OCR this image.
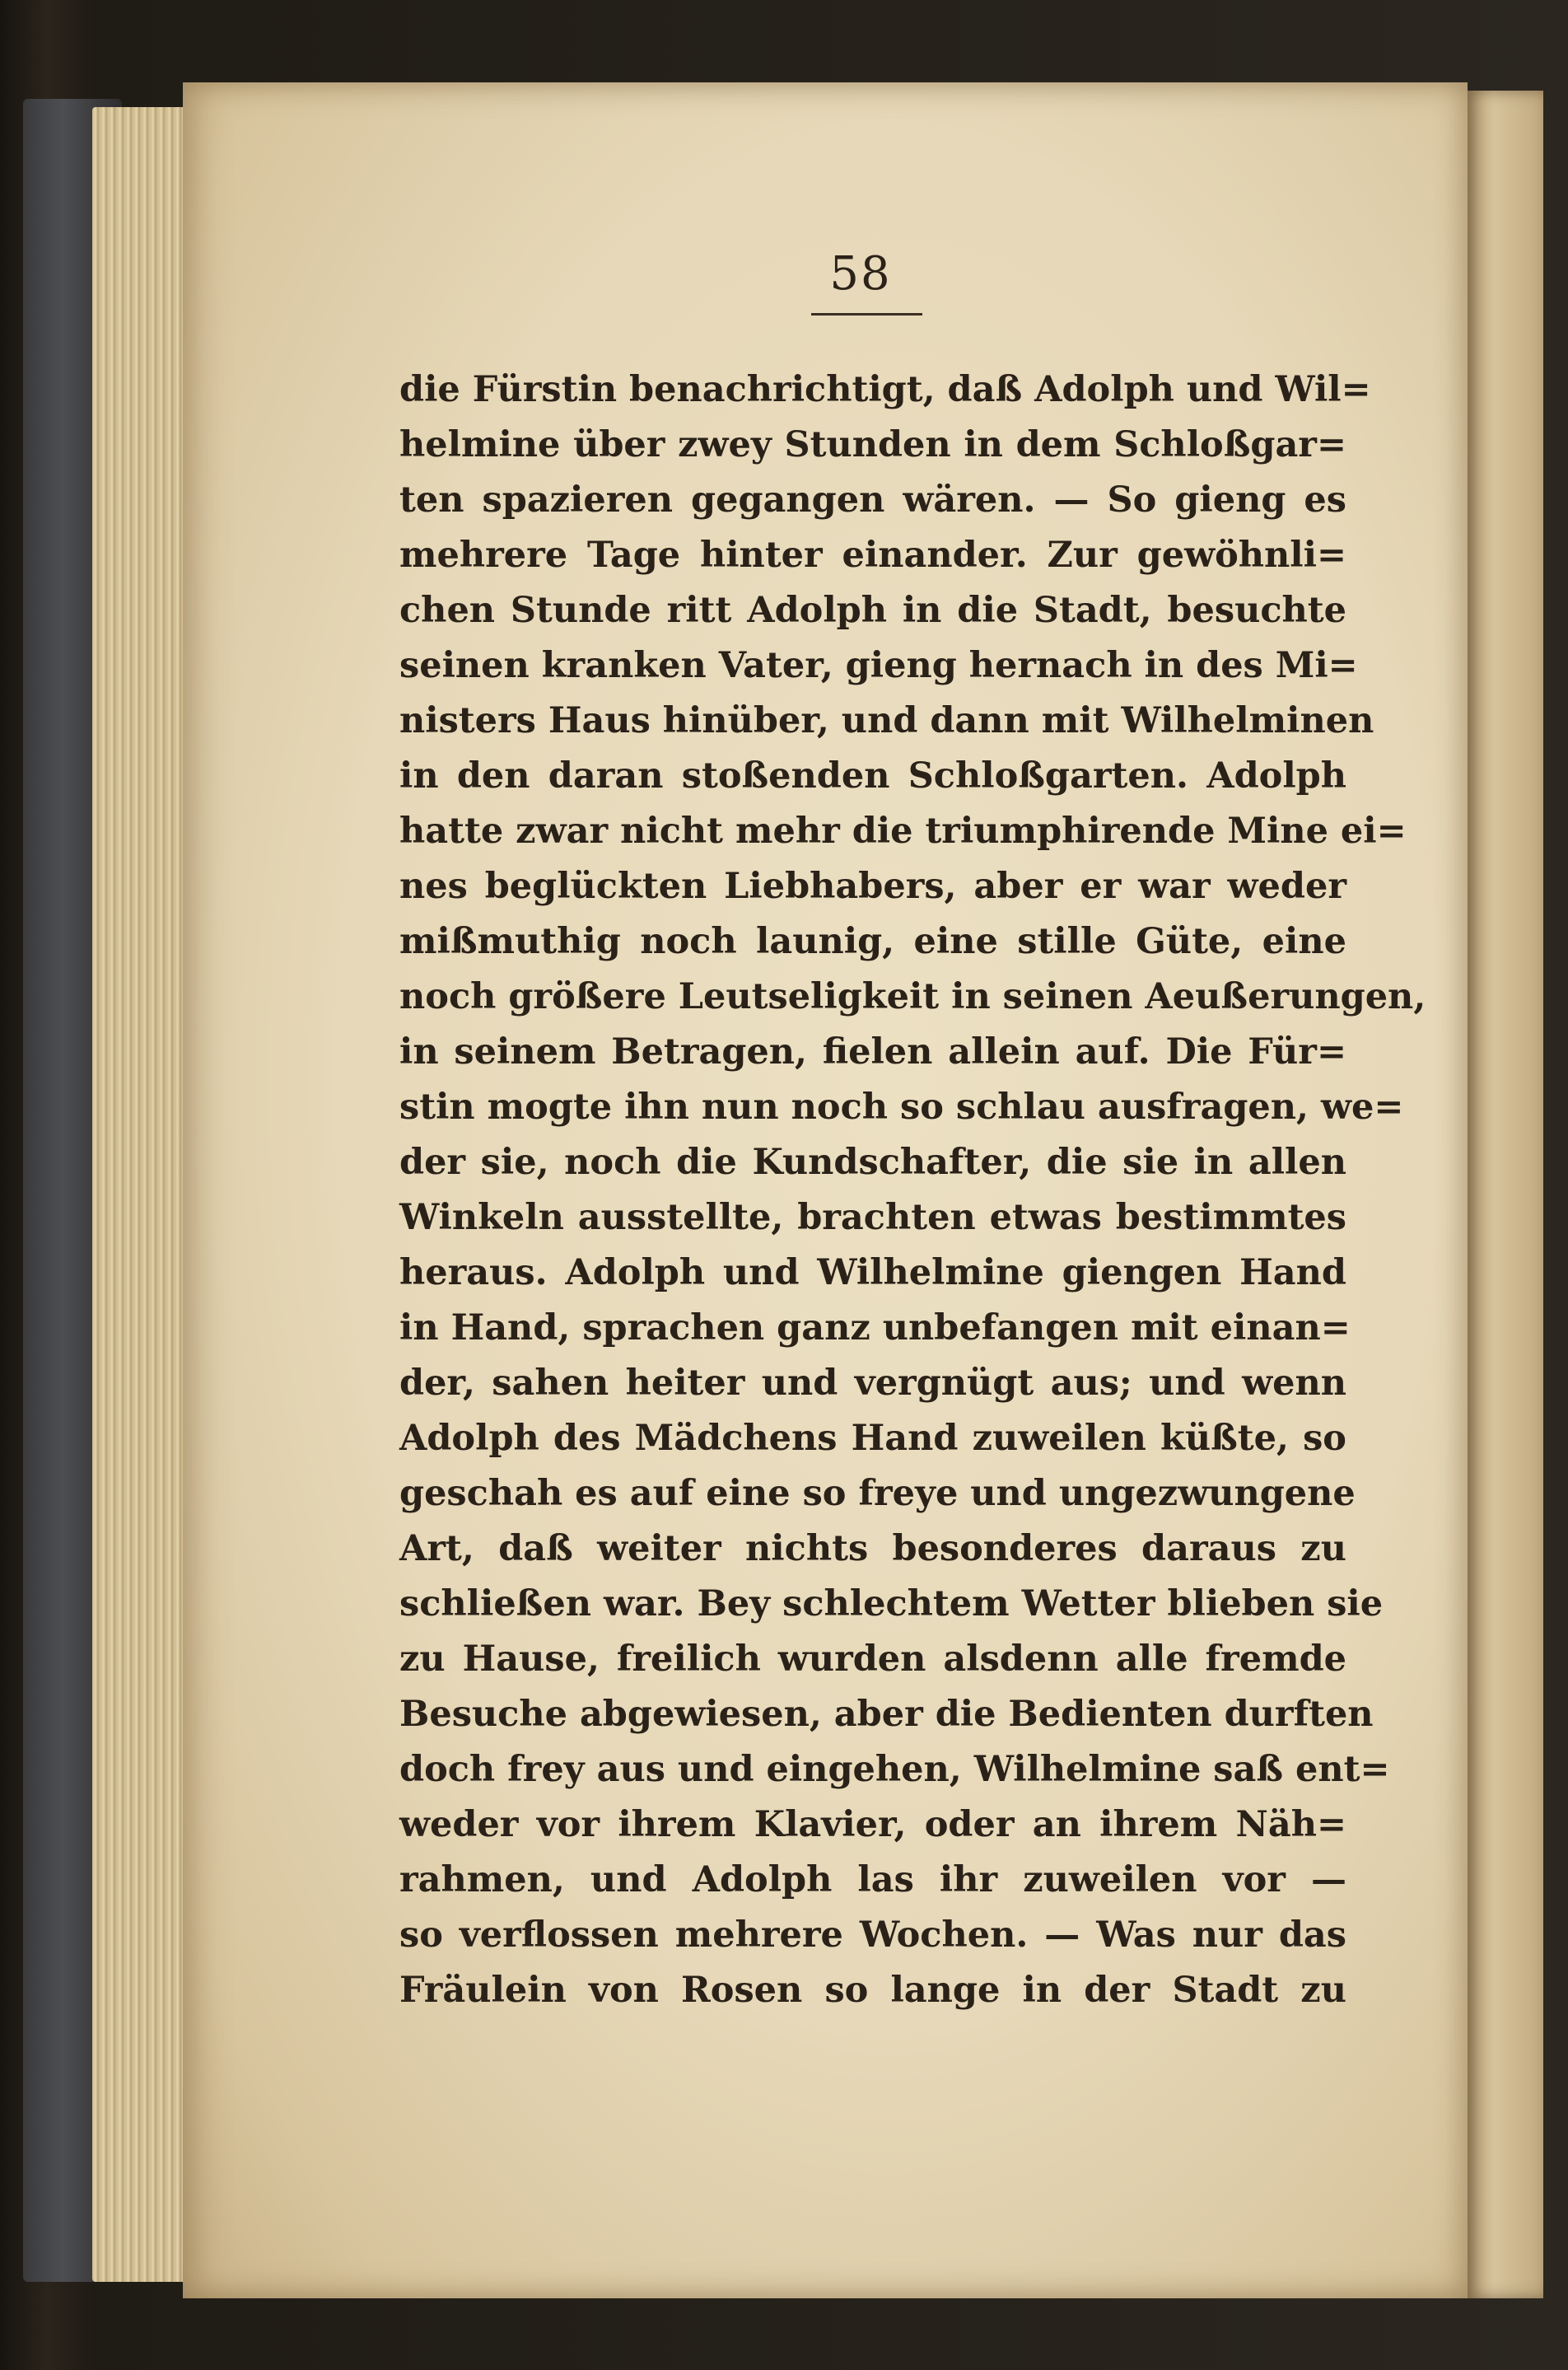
58
die Fürstin benachrichtigt, daß Adolph und Wil=
helmine über zwey Stunden in dem Schloßgar=
ten spazieren gegangen wären. — So gieng es
mehrere Tage hinter einander. Zur gewöhnli=
chen Stunde ritt Adolph in die Stadt, besuchte
seinen kranken Vater, gieng hernach in des Mi=
nisters Haus hinüber, und dann mit Wilhelminen
in den daran stoßenden Schloßgarten. Adolph
hatte zwar nicht mehr die triumphirende Mine ei=
nes beglückten Liebhabers, aber er war weder
mißmuthig noch launig, eine stille Güte, eine
noch größere Leutseligkeit in seinen Aeußerungen,
in seinem Betragen, fielen allein auf. Die Für=
stin mogte ihn nun noch so schlau ausfragen, we=
der sie, noch die Kundschafter, die sie in allen
Winkeln ausstellte, brachten etwas bestimmtes
heraus. Adolph und Wilhelmine giengen Hand
in Hand, sprachen ganz unbefangen mit einan=
der, sahen heiter und vergnügt aus; und wenn
Adolph des Mädchens Hand zuweilen küßte, so
geschah es auf eine so freye und ungezwungene
Art, daß weiter nichts besonderes daraus zu
schließen war. Bey schlechtem Wetter blieben sie
zu Hause, freilich wurden alsdenn alle fremde
Besuche abgewiesen, aber die Bedienten durften
doch frey aus und eingehen, Wilhelmine saß ent=
weder vor ihrem Klavier, oder an ihrem Näh=
rahmen, und Adolph las ihr zuweilen vor —
so verflossen mehrere Wochen. — Was nur das
Fräulein von Rosen so lange in der Stadt zu
